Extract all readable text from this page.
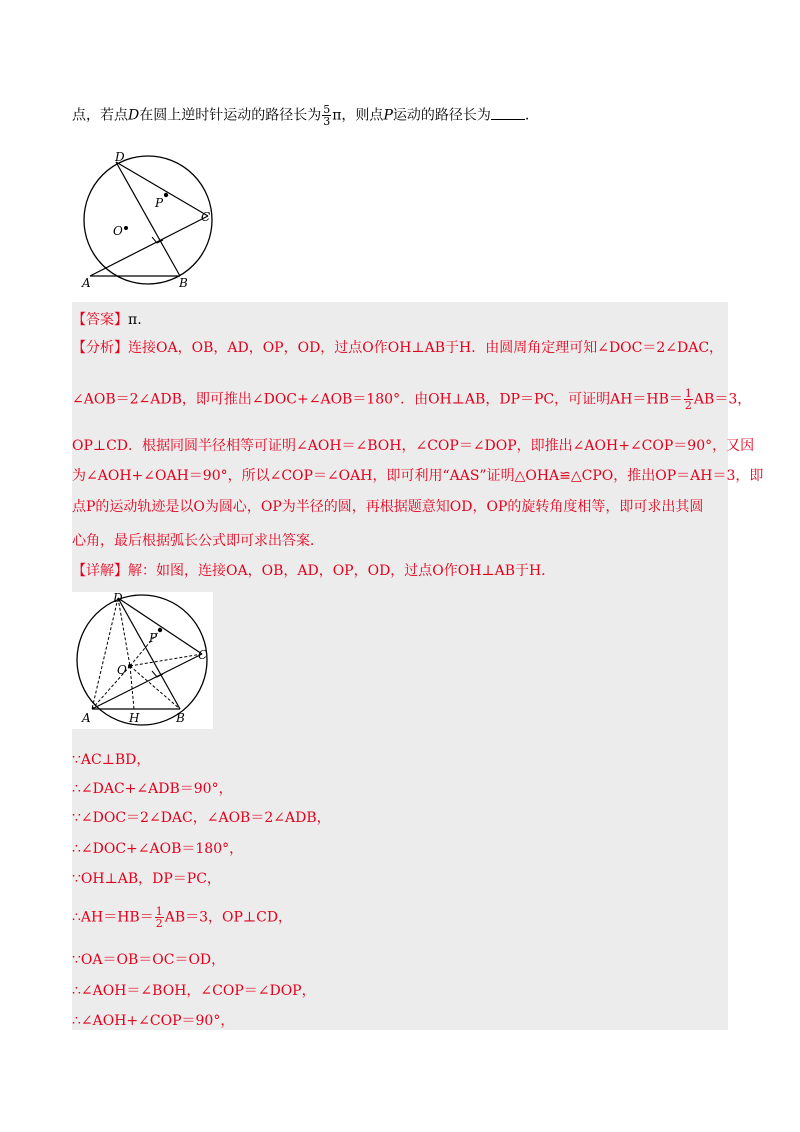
点，若点D在圆上逆时针运动的路径长为 $\frac{5}{3}$ π，则点P运动的路径长为 .
D
P
O
C
A	B
【答案】π.
【分析】连接OA，OB，AD，OP，OD，过点O作OH⊥AB于H．由圆周角定理可知∠DOC＝2∠DAC，
∠AOB＝2∠ADB，即可推出∠DOC+∠AOB＝180°．由OH⊥AB，DP＝PC，可证明$AH=HB= \frac{1}{2} AB=3$，
OP⊥CD．根据同圆半径相等可证明∠AOH＝∠BOH，∠COP＝∠DOP，即推出∠AOH+∠COP＝90°，又因
为∠AOH+∠OAH＝90°，所以∠COP＝∠OAH，即可利用“AAS”证明△OHA≌△CPO，推出OP＝AH＝3，即
点P的运动轨迹是以O为圆心，OP为半径的圆，再根据题意知OD，OP的旋转角度相等，即可求出其圆
心角，最后根据弧长公式即可求出答案．
【详解】解：如图，连接OA，OB，AD，OP，OD，过点O作OH⊥AB于H．
D
P
O
C
A	H	B
∵AC⊥BD，
∴∠DAC+∠ADB＝90°，
∵∠DOC＝2∠DAC，∠AOB＝2∠ADB，
∴∠DOC+∠AOB＝180°，
∵OH⊥AB，DP＝PC，
∴AH＝HB＝ $\frac{1}{2} AB=3$，OP⊥CD，
∵OA＝OB＝OC＝OD，
∴∠AOH＝∠BOH，∠COP＝∠DOP，
∴∠AOH+∠COP＝90°，
